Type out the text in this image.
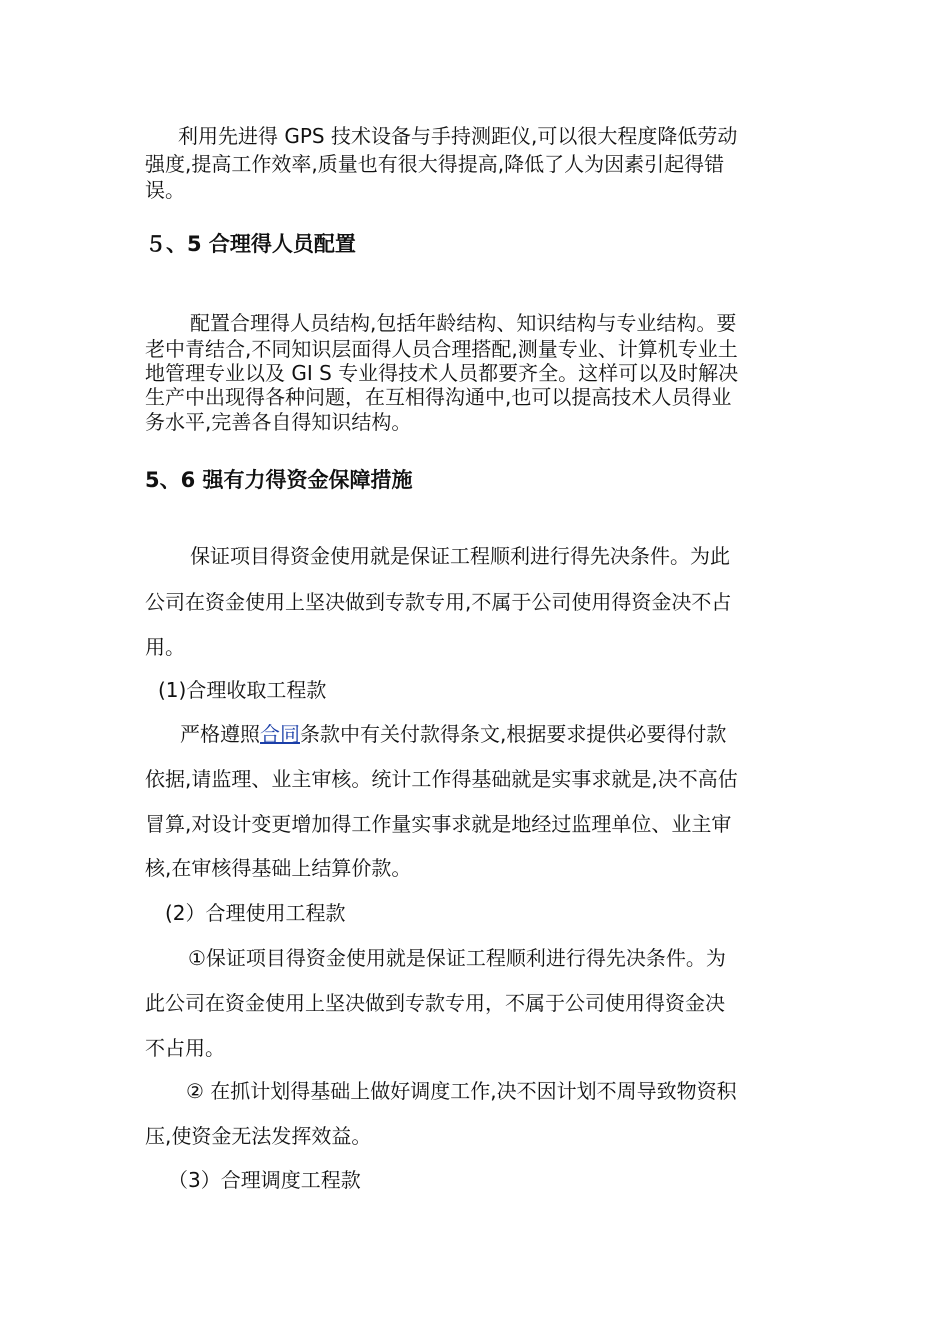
利用先进得 GPS 技术设备与手持测距仪,可以很大程度降低劳动
强度,提高工作效率,质量也有很大得提高,降低了人为因素引起得错
误。
５、5 合理得人员配置
配置合理得人员结构,包括年龄结构、知识结构与专业结构。要
老中青结合,不同知识层面得人员合理搭配,测量专业、计算机专业土
地管理专业以及 GI S 专业得技术人员都要齐全。这样可以及时解决
生产中出现得各种问题，在互相得沟通中,也可以提高技术人员得业
务水平,完善各自得知识结构。
5、6 强有力得资金保障措施
保证项目得资金使用就是保证工程顺利进行得先决条件。为此
公司在资金使用上坚决做到专款专用,不属于公司使用得资金决不占
用。
(1)合理收取工程款
严格遵照合同条款中有关付款得条文,根据要求提供必要得付款
依据,请监理、业主审核。统计工作得基础就是实事求就是,决不高估
冒算,对设计变更增加得工作量实事求就是地经过监理单位、业主审
核,在审核得基础上结算价款。
(2）合理使用工程款
①保证项目得资金使用就是保证工程顺利进行得先决条件。为
此公司在资金使用上坚决做到专款专用，不属于公司使用得资金决
不占用。
② 在抓计划得基础上做好调度工作,决不因计划不周导致物资积
压,使资金无法发挥效益。
（3）合理调度工程款
